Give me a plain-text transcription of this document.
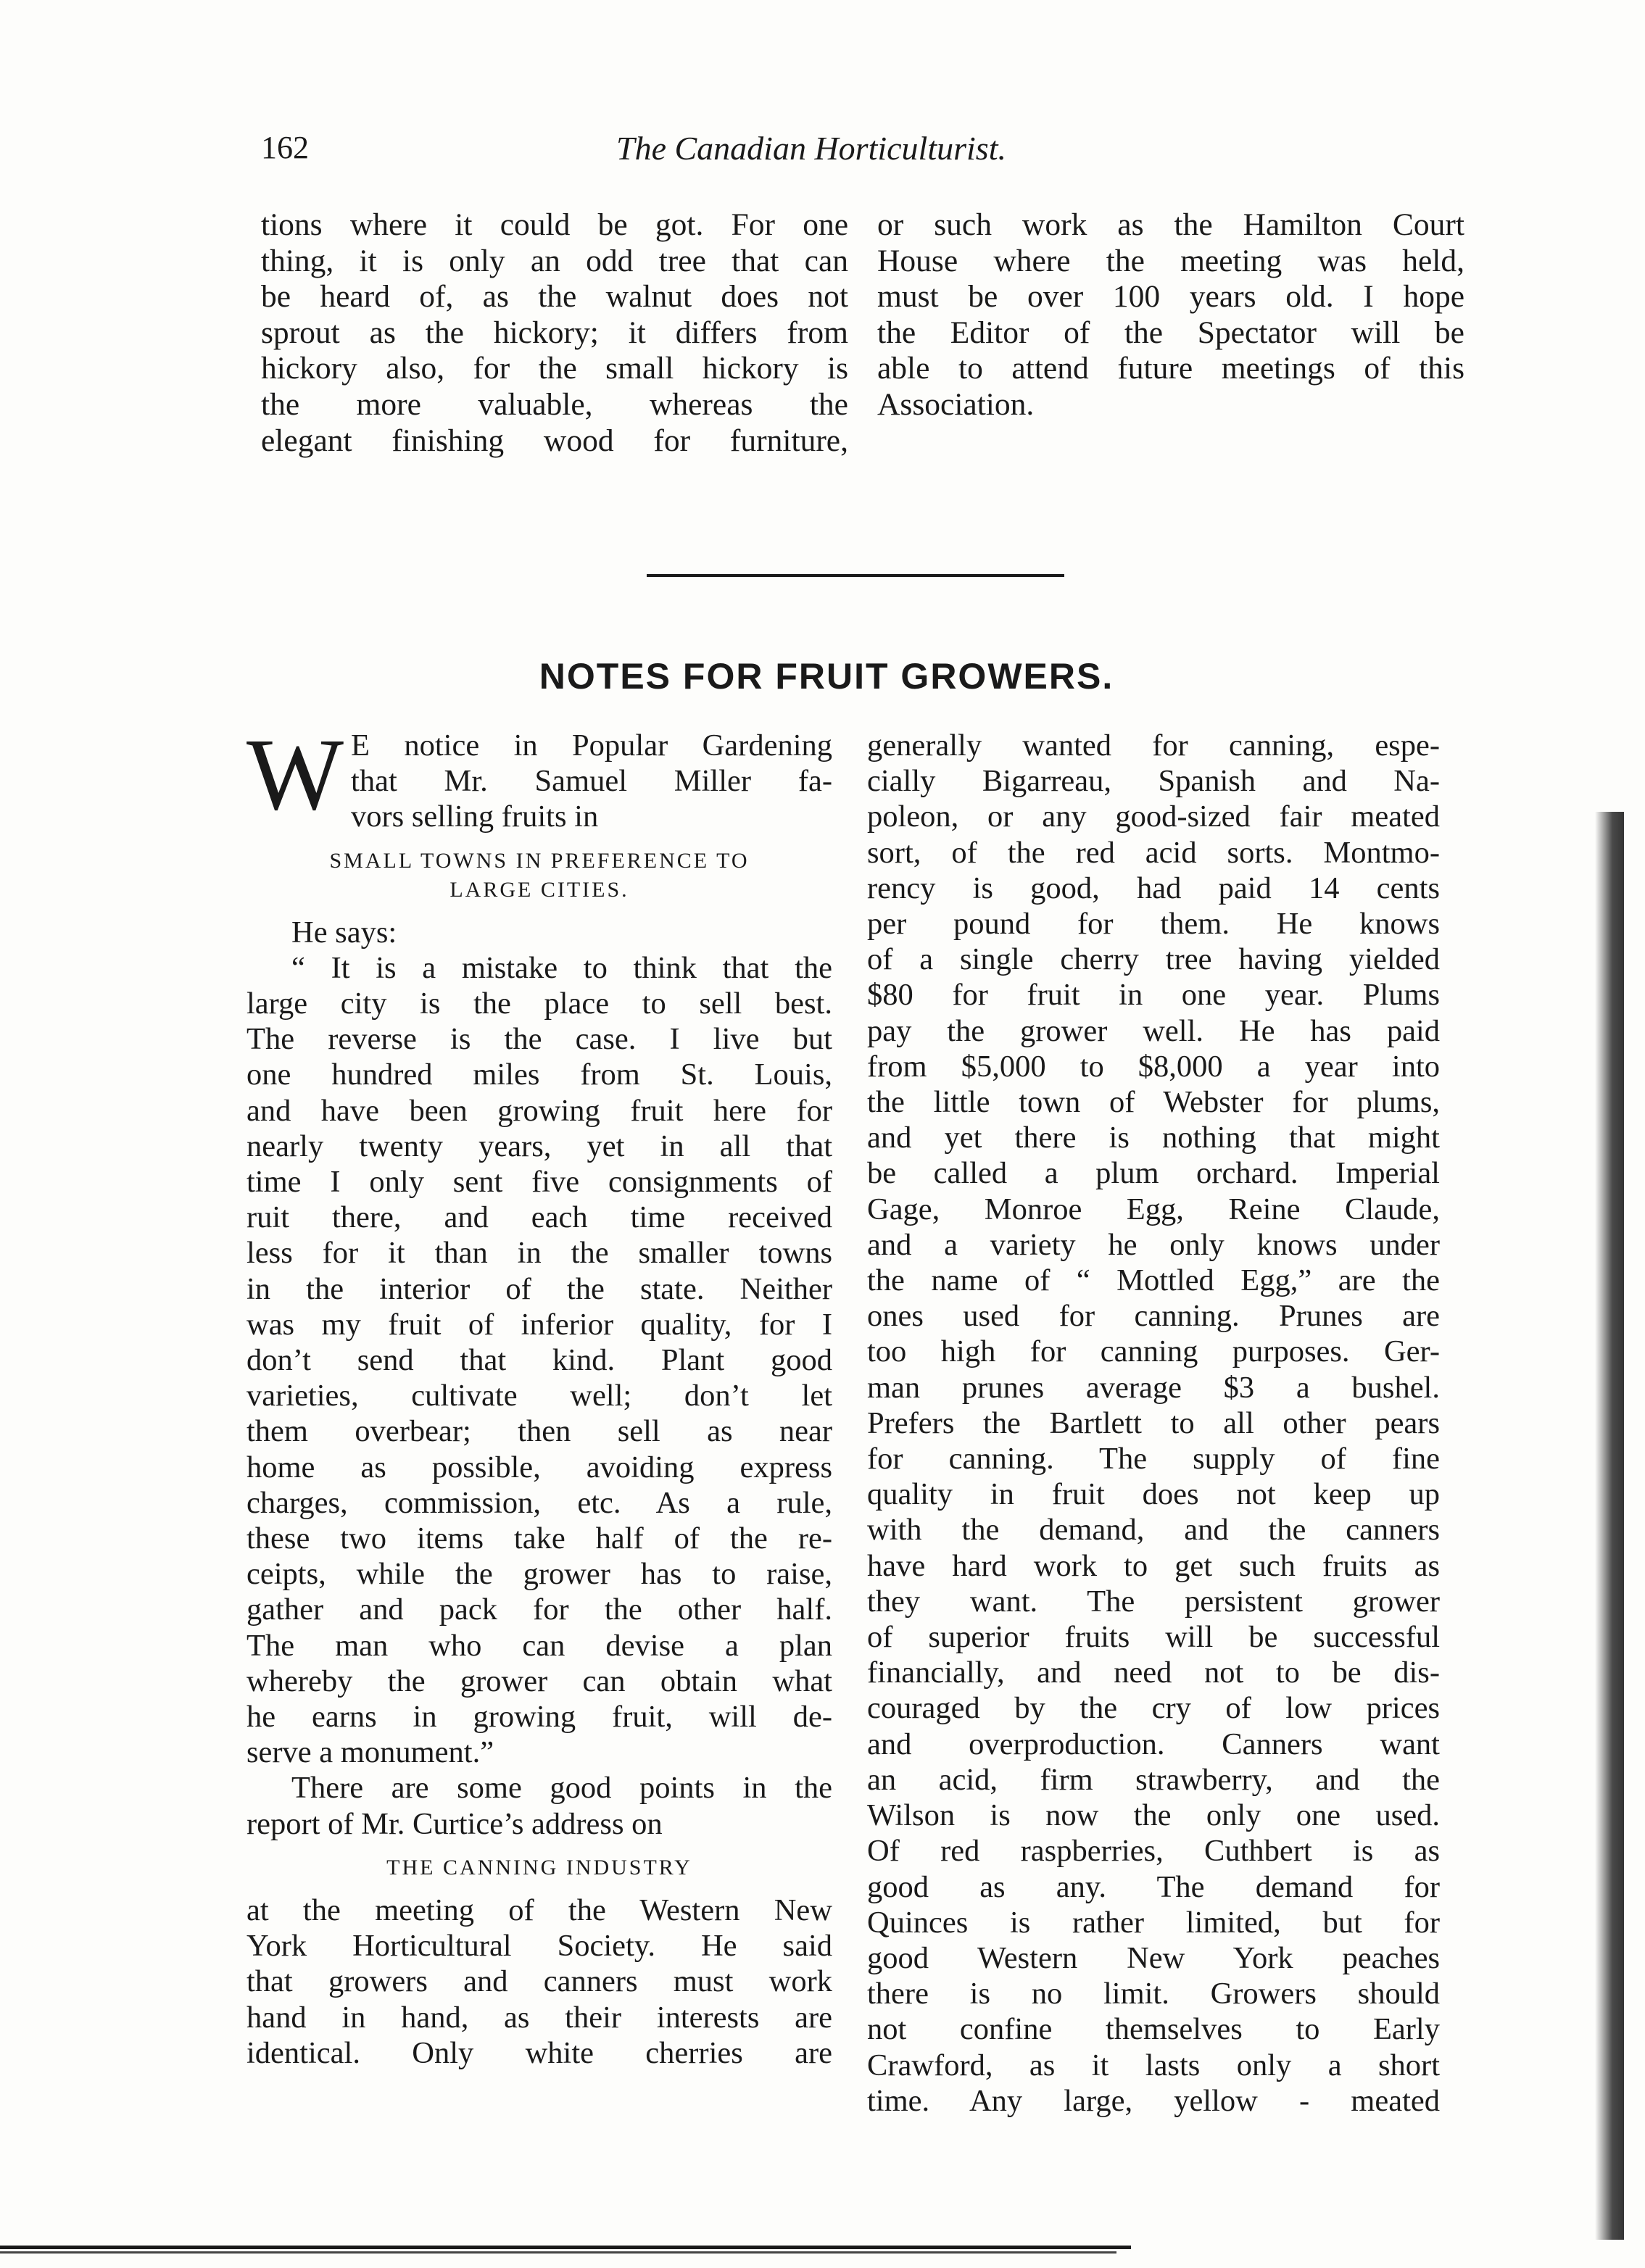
162	The Canadian Horticulturist.

tions where it could be got. For one

thing, it is only an odd tree that can

be heard of, as the walnut does not

sprout as the hickory; it differs from

hickory also, for the small hickory is

the more valuable, whereas the

elegant finishing wood for furniture,

or such work as the Hamilton Court

House where the meeting was held,

must be over 100 years old. I hope

the Editor of the Spectator will be

able to attend future meetings of this

Association.

NOTES FOR FRUIT GROWERS.
W E notice in Popular Gardening

that Mr. Samuel Miller fa-

vors selling fruits in

SMALL TOWNS IN PREFERENCE TO
LARGE CITIES.

He says:

“ It is a mistake to think that the

large city is the place to sell best.

The reverse is the case. I live but

one hundred miles from St. Louis,

and have been growing fruit here for

nearly twenty years, yet in all that

time I only sent five consignments of

ruit there, and each time received

less for it than in the smaller towns

in the interior of the state. Neither

was my fruit of inferior quality, for I

don’t send that kind. Plant good

varieties, cultivate well; don’t let

them overbear; then sell as near

home as possible, avoiding express

charges, commission, etc. As a rule,

these two items take half of the re-

ceipts, while the grower has to raise,

gather and pack for the other half.

The man who can devise a plan

whereby the grower can obtain what

he earns in growing fruit, will de-

serve a monument.”

There are some good points in the

report of Mr. Curtice’s address on

THE CANNING INDUSTRY

at the meeting of the Western New

York Horticultural Society. He said

that growers and canners must work

hand in hand, as their interests are

identical. Only white cherries are

generally wanted for canning, espe-

cially Bigarreau, Spanish and Na-

poleon, or any good-sized fair meated

sort, of the red acid sorts. Montmo-

rency is good, had paid 14 cents

per pound for them. He knows

of a single cherry tree having yielded

$80 for fruit in one year. Plums

pay the grower well. He has paid

from $5,000 to $8,000 a year into

the little town of Webster for plums,

and yet there is nothing that might

be called a plum orchard. Imperial

Gage, Monroe Egg, Reine Claude,

and a variety he only knows under

the name of “ Mottled Egg,” are the

ones used for canning. Prunes are

too high for canning purposes. Ger-

man prunes average $3 a bushel.

Prefers the Bartlett to all other pears

for canning. The supply of fine

quality in fruit does not keep up

with the demand, and the canners

have hard work to get such fruits as

they want. The persistent grower

of superior fruits will be successful

financially, and need not to be dis-

couraged by the cry of low prices

and overproduction. Canners want

an acid, firm strawberry, and the

Wilson is now the only one used.

Of red raspberries, Cuthbert is as

good as any. The demand for

Quinces is rather limited, but for

good Western New York peaches

there is no limit. Growers should

not confine themselves to Early

Crawford, as it lasts only a short

time. Any large, yellow - meated
